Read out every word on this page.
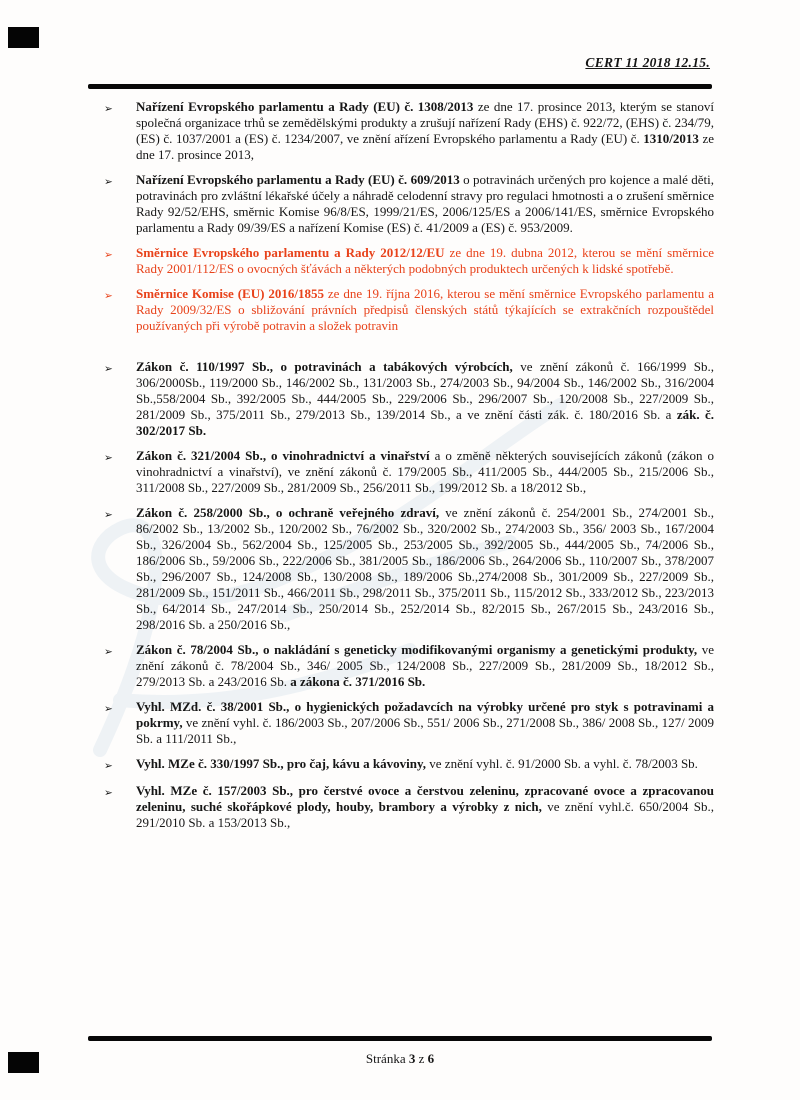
CERT 11 2018 12.15.
➢	Nařízení Evropského parlamentu a Rady (EU) č. 1308/2013 ze dne 17. prosince 2013, kterým se stanoví společná organizace trhů se zemědělskými produkty a zrušují nařízení Rady (EHS) č. 922/72, (EHS) č. 234/79, (ES) č. 1037/2001 a (ES) č. 1234/2007, ve znění ařízení Evropského parlamentu a Rady (EU) č. 1310/2013 ze dne 17. prosince 2013,
➢	Nařízení Evropského parlamentu a Rady (EU) č. 609/2013 o potravinách určených pro kojence a malé děti, potravinách pro zvláštní lékařské účely a náhradě celodenní stravy pro regulaci hmotnosti a o zrušení směrnice Rady 92/52/EHS, směrnic Komise 96/8/ES, 1999/21/ES, 2006/125/ES a 2006/141/ES, směrnice Evropského parlamentu a Rady 09/39/ES a nařízení Komise (ES) č. 41/2009 a (ES) č. 953/2009.
➢	Směrnice Evropského parlamentu a Rady 2012/12/EU ze dne 19. dubna 2012, kterou se mění směrnice Rady 2001/112/ES o ovocných šťávách a některých podobných produktech určených k lidské spotřebě.
➢	Směrnice Komise (EU) 2016/1855 ze dne 19. října 2016, kterou se mění směrnice Evropského parlamentu a Rady 2009/32/ES o sbližování právních předpisů členských států týkajících se extrakčních rozpouštědel používaných při výrobě potravin a složek potravin
➢	Zákon č. 110/1997 Sb., o potravinách a tabákových výrobcích, ve znění zákonů č. 166/1999 Sb., 306/2000Sb., 119/2000 Sb., 146/2002 Sb., 131/2003 Sb., 274/2003 Sb., 94/2004 Sb., 146/2002 Sb., 316/2004 Sb.,558/2004 Sb., 392/2005 Sb., 444/2005 Sb., 229/2006 Sb., 296/2007 Sb., 120/2008 Sb., 227/2009 Sb., 281/2009 Sb., 375/2011 Sb., 279/2013 Sb., 139/2014 Sb., a ve znění části zák. č. 180/2016 Sb. a zák. č. 302/2017 Sb.
➢	Zákon č. 321/2004 Sb., o vinohradnictví a vinařství a o změně některých souvisejících zákonů (zákon o vinohradnictví a vinařství), ve znění zákonů č. 179/2005 Sb., 411/2005 Sb., 444/2005 Sb., 215/2006 Sb., 311/2008 Sb., 227/2009 Sb., 281/2009 Sb., 256/2011 Sb., 199/2012 Sb. a 18/2012 Sb.,
➢	Zákon č. 258/2000 Sb., o ochraně veřejného zdraví, ve znění zákonů č. 254/2001 Sb., 274/2001 Sb., 86/2002 Sb., 13/2002 Sb., 120/2002 Sb., 76/2002 Sb., 320/2002 Sb., 274/2003 Sb., 356/ 2003 Sb., 167/2004 Sb., 326/2004 Sb., 562/2004 Sb., 125/2005 Sb., 253/2005 Sb., 392/2005 Sb., 444/2005 Sb., 74/2006 Sb., 186/2006 Sb., 59/2006 Sb., 222/2006 Sb., 381/2005 Sb., 186/2006 Sb., 264/2006 Sb., 110/2007 Sb., 378/2007 Sb., 296/2007 Sb., 124/2008 Sb., 130/2008 Sb., 189/2006 Sb.,274/2008 Sb., 301/2009 Sb., 227/2009 Sb., 281/2009 Sb., 151/2011 Sb., 466/2011 Sb., 298/2011 Sb., 375/2011 Sb., 115/2012 Sb., 333/2012 Sb., 223/2013 Sb., 64/2014 Sb., 247/2014 Sb., 250/2014 Sb., 252/2014 Sb., 82/2015 Sb., 267/2015 Sb., 243/2016 Sb., 298/2016 Sb. a 250/2016 Sb.,
➢	Zákon č. 78/2004 Sb., o nakládání s geneticky modifikovanými organismy a genetickými produkty, ve znění zákonů č. 78/2004 Sb., 346/ 2005 Sb., 124/2008 Sb., 227/2009 Sb., 281/2009 Sb., 18/2012 Sb., 279/2013 Sb. a 243/2016 Sb. a zákona č. 371/2016 Sb.
➢	Vyhl. MZd. č. 38/2001 Sb., o hygienických požadavcích na výrobky určené pro styk s potravinami a pokrmy, ve znění vyhl. č. 186/2003 Sb., 207/2006 Sb., 551/ 2006 Sb., 271/2008 Sb., 386/ 2008 Sb., 127/ 2009 Sb. a 111/2011 Sb.,
➢	Vyhl. MZe č. 330/1997 Sb., pro čaj, kávu a kávoviny, ve znění vyhl. č. 91/2000 Sb. a vyhl. č. 78/2003 Sb.
➢	Vyhl. MZe č. 157/2003 Sb., pro čerstvé ovoce a čerstvou zeleninu, zpracované ovoce a zpracovanou zeleninu, suché skořápkové plody, houby, brambory a výrobky z nich, ve znění vyhl.č. 650/2004 Sb., 291/2010 Sb. a 153/2013 Sb.,
Stránka 3 z 6
